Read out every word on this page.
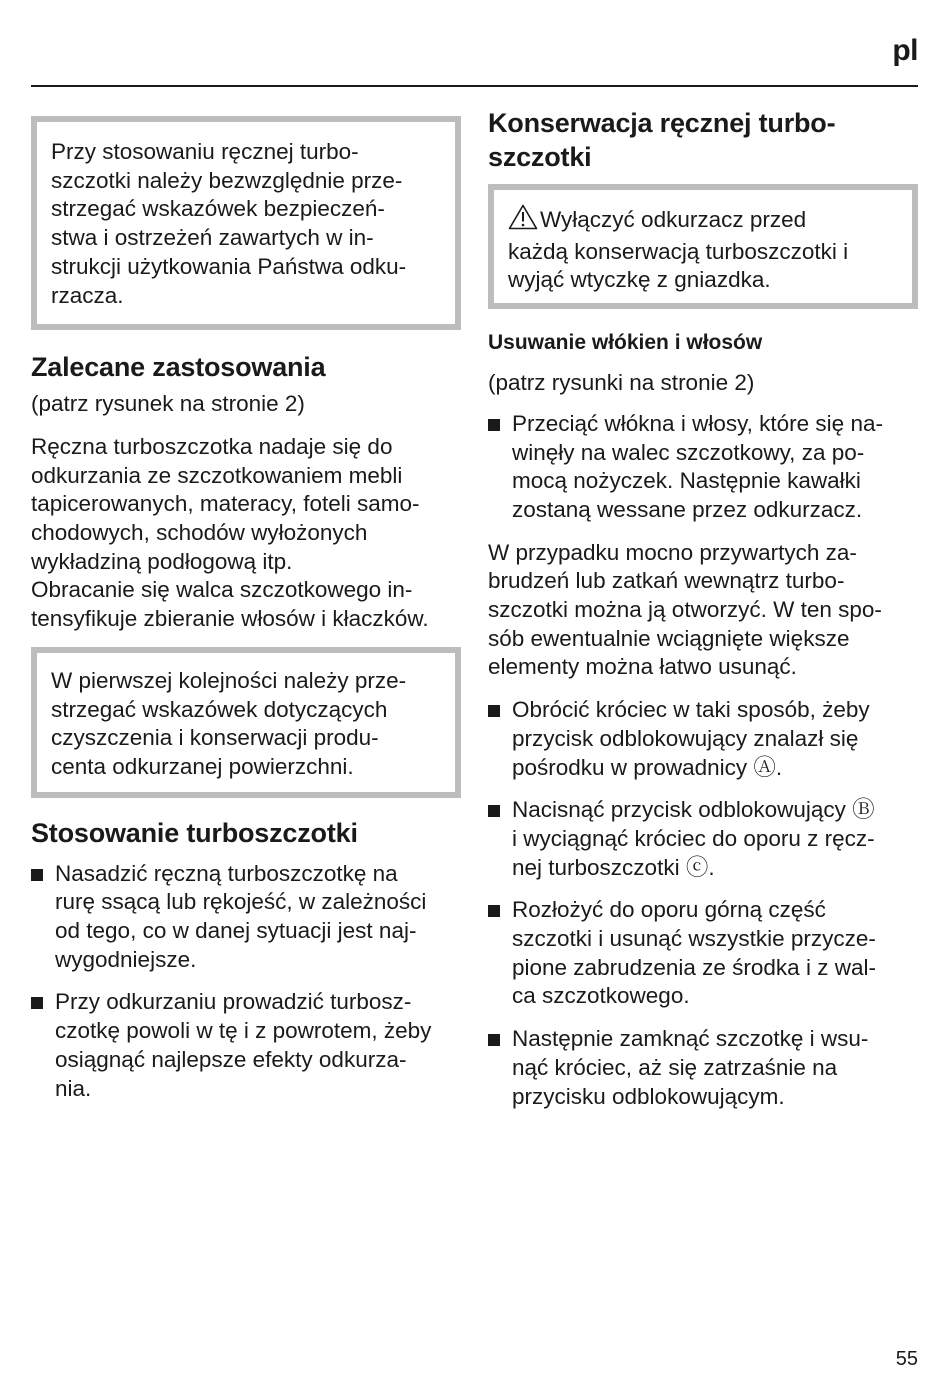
pl
Przy stosowaniu ręcznej turbo-
szczotki należy bezwzględnie prze-
strzegać wskazówek bezpieczeń-
stwa i ostrzeżeń zawartych w in-
strukcji użytkowania Państwa odku-
rzacza.
Zalecane zastosowania

(patrz rysunek na stronie 2)

Ręczna turboszczotka nadaje się do
odkurzania ze szczotkowaniem mebli
tapicerowanych, materacy, foteli samo-
chodowych, schodów wyłożonych
wykładziną podłogową itp.
Obracanie się walca szczotkowego in-
tensyfikuje zbieranie włosów i kłaczków.

W pierwszej kolejności należy prze-
strzegać wskazówek dotyczących
czyszczenia i konserwacji produ-
centa odkurzanej powierzchni.
Stosowanie turboszczotki
Nasadzić ręczną turboszczotkę na
rurę ssącą lub rękojeść, w zależności
od tego, co w danej sytuacji jest naj-
wygodniejsze.
Przy odkurzaniu prowadzić turbosz-
czotkę powoli w tę i z powrotem, żeby
osiągnąć najlepsze efekty odkurza-
nia.
Konserwacja ręcznej turbo-
szczotki
Wyłączyć odkurzacz przed
każdą konserwacją turboszczotki i
wyjąć wtyczkę z gniazdka.
Usuwanie włókien i włosów

(patrz rysunki na stronie 2)

Przeciąć włókna i włosy, które się na-
winęły na walec szczotkowy, za po-
mocą nożyczek. Następnie kawałki
zostaną wessane przez odkurzacz.

W przypadku mocno przywartych za-
brudzeń lub zatkań wewnątrz turbo-
szczotki można ją otworzyć. W ten spo-
sób ewentualnie wciągnięte większe
elementy można łatwo usunąć.

Obrócić króciec w taki sposób, żeby
przycisk odblokowujący znalazł się
pośrodku w prowadnicy Ⓐ.
Nacisnąć przycisk odblokowujący Ⓑ
i wyciągnąć króciec do oporu z ręcz-
nej turboszczotki ⓒ.
Rozłożyć do oporu górną część
szczotki i usunąć wszystkie przycze-
pione zabrudzenia ze środka i z wal-
ca szczotkowego.
Następnie zamknąć szczotkę i wsu-
nąć króciec, aż się zatrzaśnie na
przycisku odblokowującym.
55
